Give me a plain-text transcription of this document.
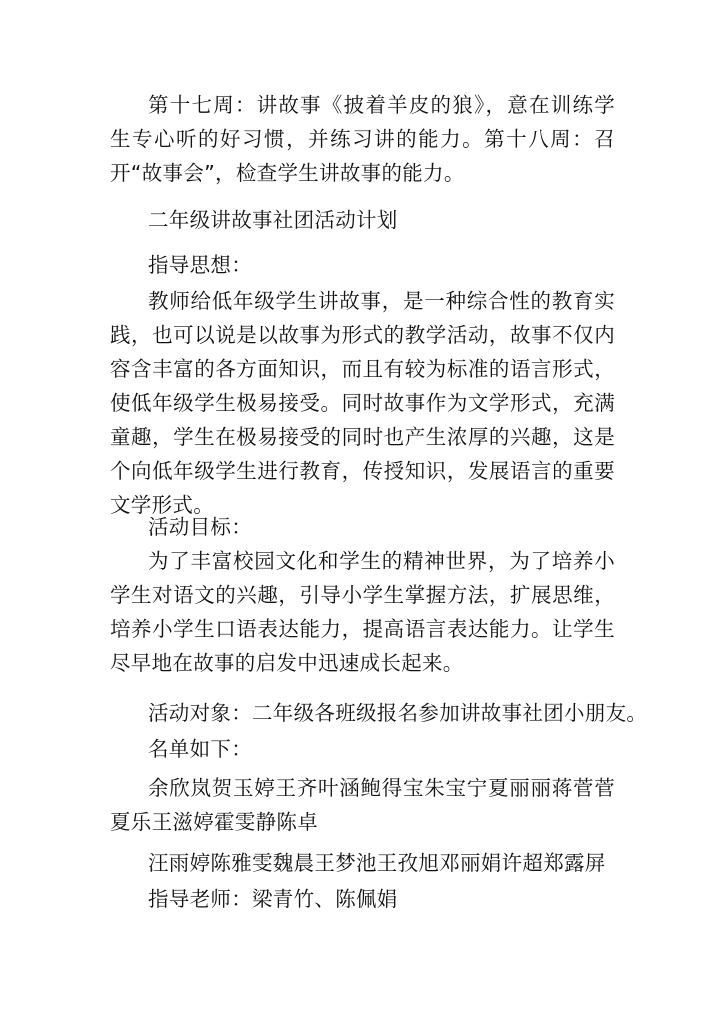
第十七周：讲故事《披着羊皮的狼》，意在训练学生专心听的好习惯，并练习讲的能力。第十八周：召开“故事会”，检查学生讲故事的能力。

二年级讲故事社团活动计划
指导思想：

教师给低年级学生讲故事，是一种综合性的教育实践，也可以说是以故事为形式的教学活动，故事不仅内容含丰富的各方面知识，而且有较为标准的语言形式，使低年级学生极易接受。同时故事作为文学形式，充满童趣，学生在极易接受的同时也产生浓厚的兴趣，这是个向低年级学生进行教育，传授知识，发展语言的重要文学形式。

活动目标：

为了丰富校园文化和学生的精神世界，为了培养小学生对语文的兴趣，引导小学生掌握方法，扩展思维，培养小学生口语表达能力，提高语言表达能力。让学生尽早地在故事的启发中迅速成长起来。

活动对象：二年级各班级报名参加讲故事社团小朋友。
名单如下：

余欣岚贺玉婷王齐叶涵鲍得宝朱宝宁夏丽丽蒋菅菅夏乐王滋婷霍雯静陈卓

汪雨婷陈雅雯魏晨王梦池王孜旭邓丽娟许超郑露屏
指导老师：梁青竹、陈佩娟
